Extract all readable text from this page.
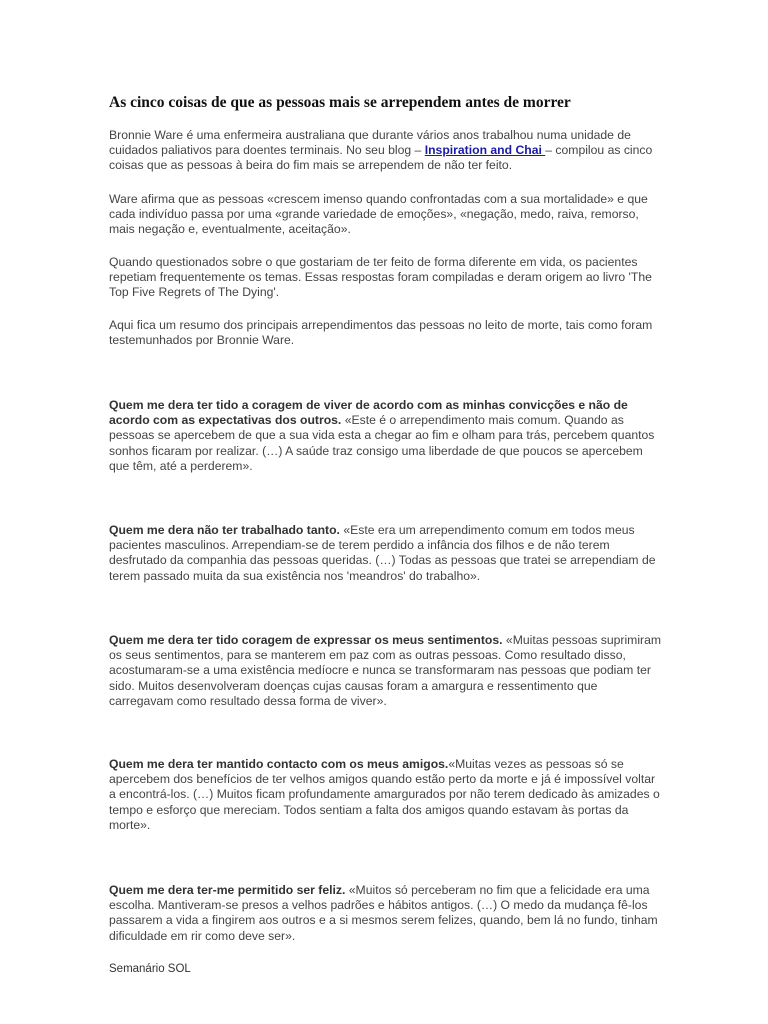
As cinco coisas de que as pessoas mais se arrependem antes de morrer

Bronnie Ware é uma enfermeira australiana que durante vários anos trabalhou numa unidade de cuidados paliativos para doentes terminais. No seu blog – Inspiration and Chai – compilou as cinco coisas que as pessoas à beira do fim mais se arrependem de não ter feito.

Ware afirma que as pessoas «crescem imenso quando confrontadas com a sua mortalidade» e que cada indivíduo passa por uma «grande variedade de emoções», «negação, medo, raiva, remorso, mais negação e, eventualmente, aceitação».

Quando questionados sobre o que gostariam de ter feito de forma diferente em vida, os pacientes repetiam frequentemente os temas. Essas respostas foram compiladas e deram origem ao livro 'The Top Five Regrets of The Dying'.

Aqui fica um resumo dos principais arrependimentos das pessoas no leito de morte, tais como foram testemunhados por Bronnie Ware.

Quem me dera ter tido a coragem de viver de acordo com as minhas convicções e não de acordo com as expectativas dos outros. «Este é o arrependimento mais comum. Quando as pessoas se apercebem de que a sua vida esta a chegar ao fim e olham para trás, percebem quantos sonhos ficaram por realizar. (…) A saúde traz consigo uma liberdade de que poucos se apercebem que têm, até a perderem».

Quem me dera não ter trabalhado tanto. «Este era um arrependimento comum em todos meus pacientes masculinos. Arrependiam-se de terem perdido a infância dos filhos e de não terem desfrutado da companhia das pessoas queridas. (…) Todas as pessoas que tratei se arrependiam de terem passado muita da sua existência nos 'meandros' do trabalho».

Quem me dera ter tido coragem de expressar os meus sentimentos. «Muitas pessoas suprimiram os seus sentimentos, para se manterem em paz com as outras pessoas. Como resultado disso, acostumaram-se a uma existência medíocre e nunca se transformaram nas pessoas que podiam ter sido. Muitos desenvolveram doenças cujas causas foram a amargura e ressentimento que carregavam como resultado dessa forma de viver».

Quem me dera ter mantido contacto com os meus amigos.«Muitas vezes as pessoas só se apercebem dos benefícios de ter velhos amigos quando estão perto da morte e já é impossível voltar a encontrá-los. (…) Muitos ficam profundamente amargurados por não terem dedicado às amizades o tempo e esforço que mereciam. Todos sentiam a falta dos amigos quando estavam às portas da morte».

Quem me dera ter-me permitido ser feliz. «Muitos só perceberam no fim que a felicidade era uma escolha. Mantiveram-se presos a velhos padrões e hábitos antigos. (…) O medo da mudança fê-los passarem a vida a fingirem aos outros e a si mesmos serem felizes, quando, bem lá no fundo, tinham dificuldade em rir como deve ser».

Semanário SOL
